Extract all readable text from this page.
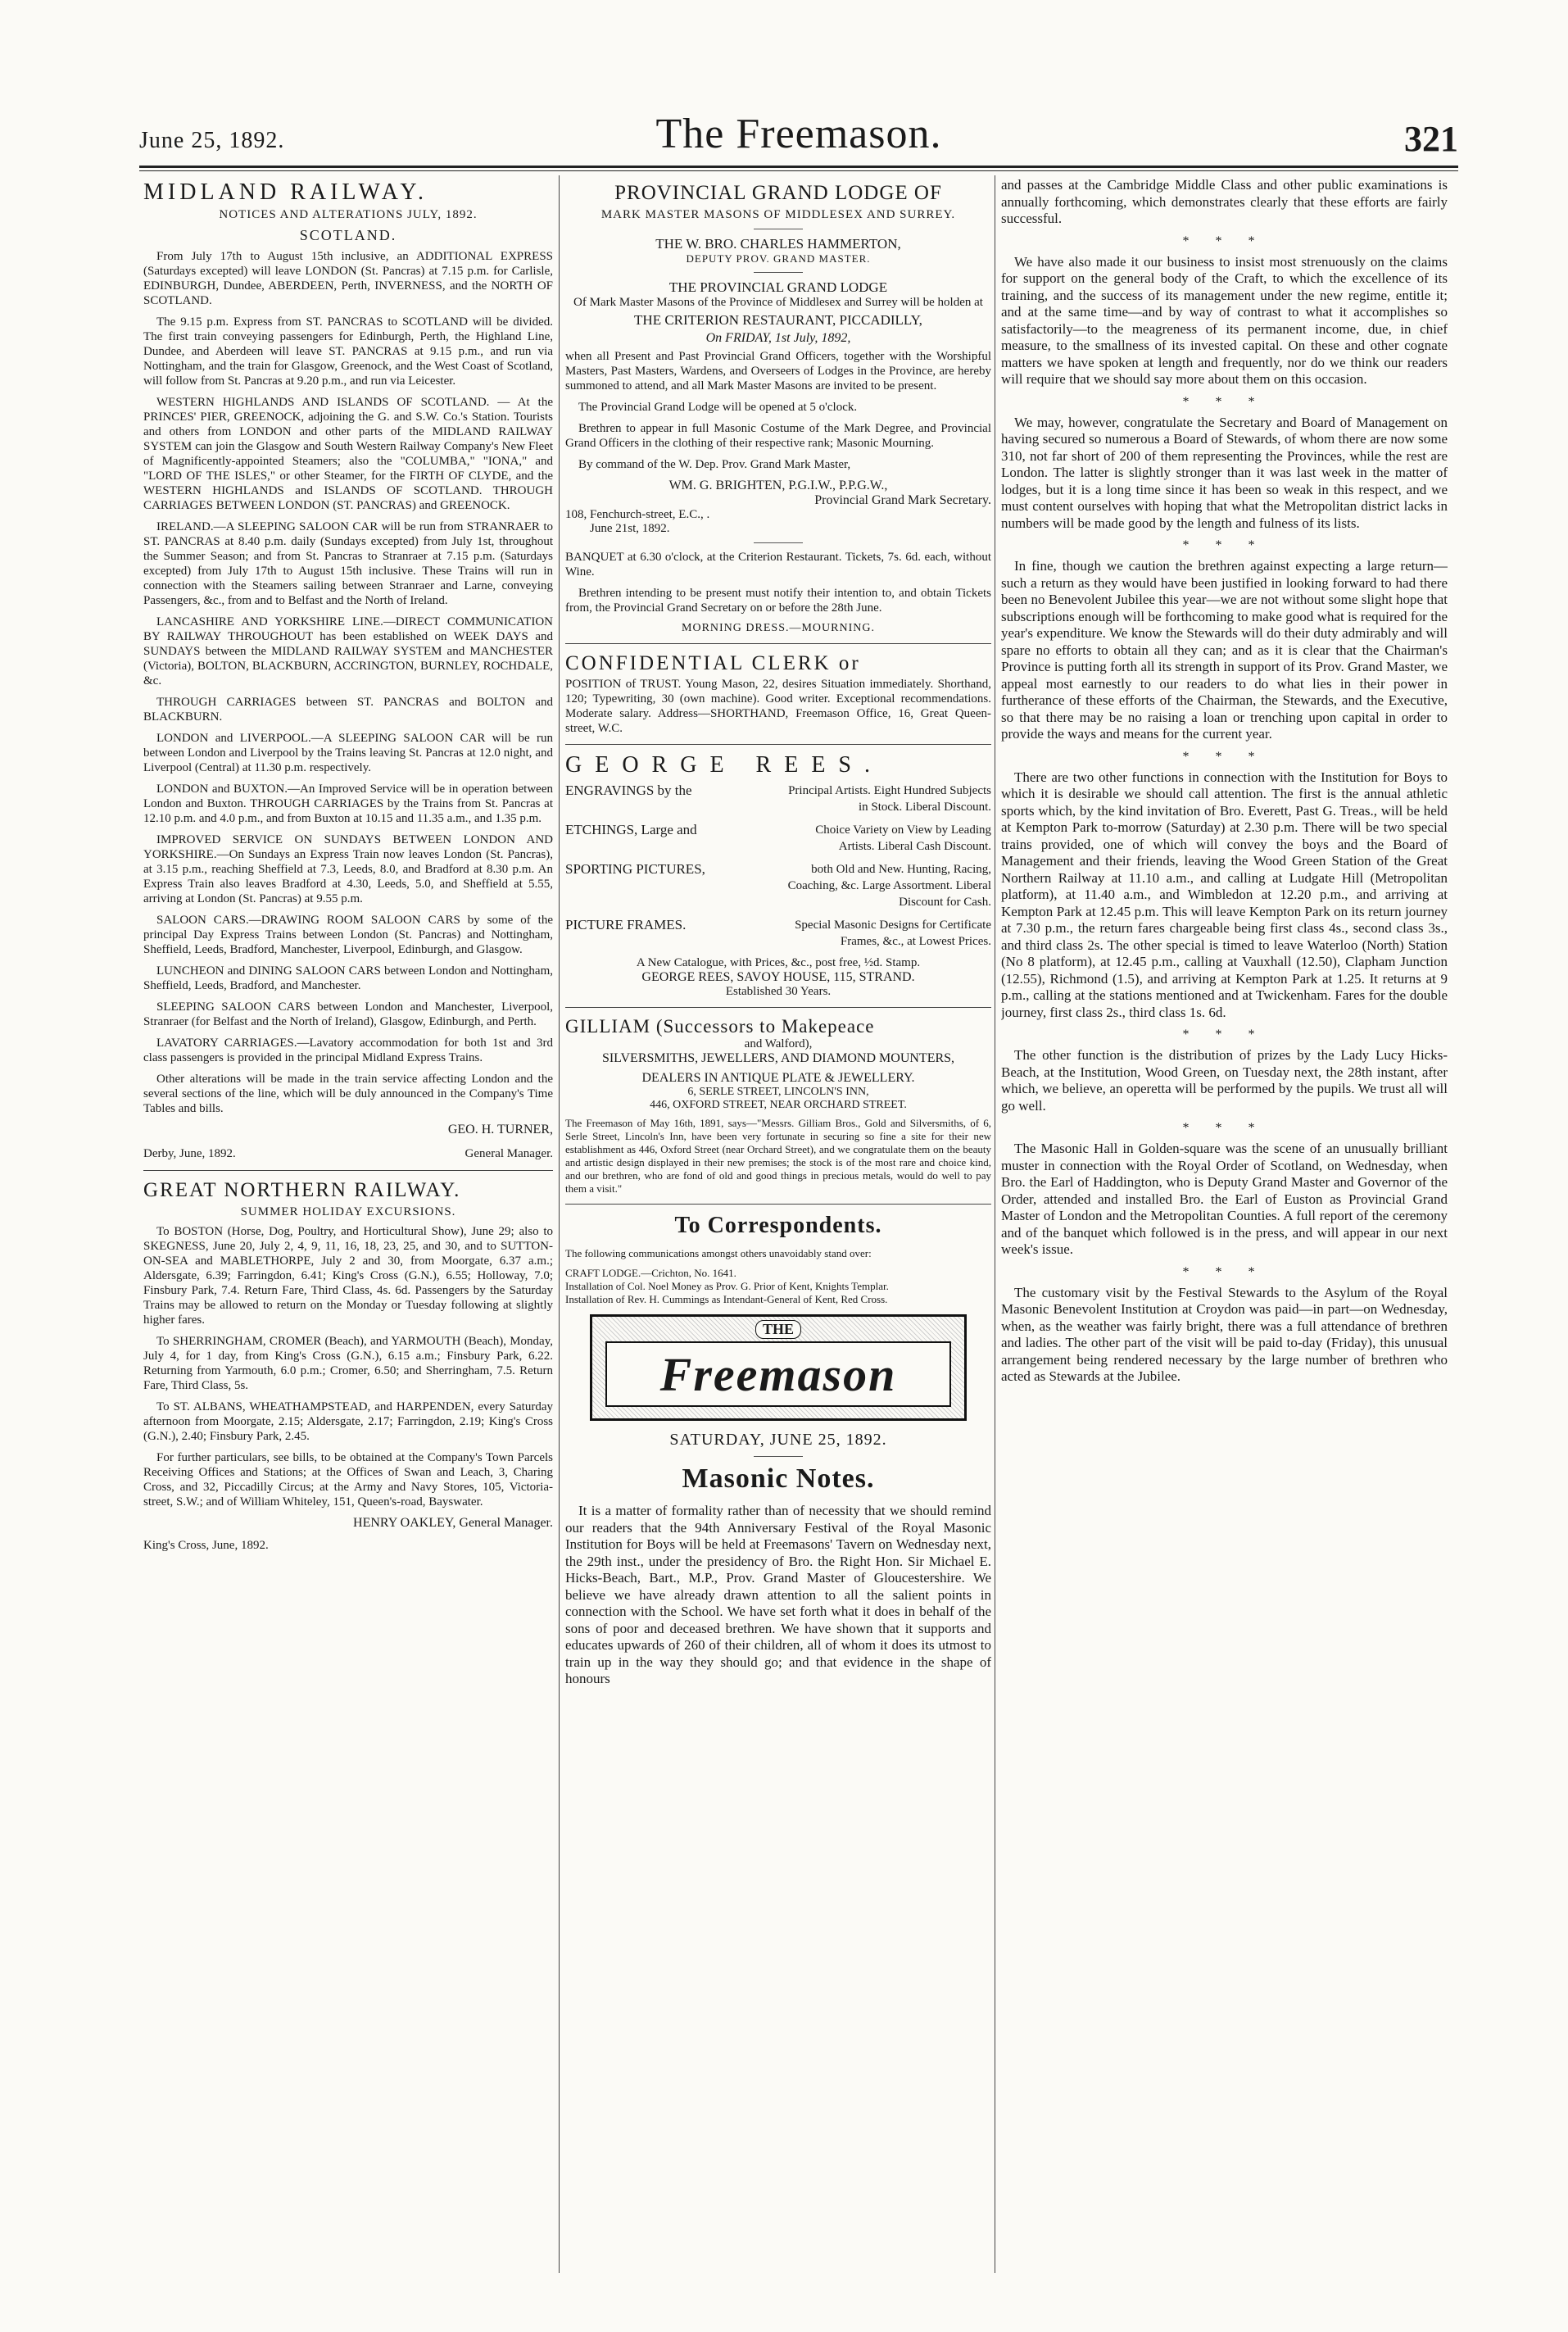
June 25, 1892.	The Freemason.	321
MIDLAND RAILWAY.
NOTICES AND ALTERATIONS JULY, 1892.
SCOTLAND.

From July 17th to August 15th inclusive, an ADDITIONAL EXPRESS (Saturdays excepted) will leave LONDON (St. Pancras) at 7.15 p.m. for Carlisle, EDINBURGH, Dundee, ABERDEEN, Perth, INVERNESS, and the NORTH OF SCOTLAND.

The 9.15 p.m. Express from ST. PANCRAS to SCOTLAND will be divided. The first train conveying passengers for Edinburgh, Perth, the Highland Line, Dundee, and Aberdeen will leave ST. PANCRAS at 9.15 p.m., and run via Nottingham, and the train for Glasgow, Greenock, and the West Coast of Scotland, will follow from St. Pancras at 9.20 p.m., and run via Leicester.

WESTERN HIGHLANDS AND ISLANDS OF SCOTLAND. — At the PRINCES' PIER, GREENOCK, adjoining the G. and S.W. Co.'s Station. Tourists and others from LONDON and other parts of the MIDLAND RAILWAY SYSTEM can join the Glasgow and South Western Railway Company's New Fleet of Magnificently-appointed Steamers; also the "COLUMBA," "IONA," and "LORD OF THE ISLES," or other Steamer, for the FIRTH OF CLYDE, and the WESTERN HIGHLANDS and ISLANDS OF SCOTLAND. THROUGH CARRIAGES BETWEEN LONDON (ST. PANCRAS) and GREENOCK.

IRELAND.—A SLEEPING SALOON CAR will be run from STRANRAER to ST. PANCRAS at 8.40 p.m. daily (Sundays excepted) from July 1st, throughout the Summer Season; and from St. Pancras to Stranraer at 7.15 p.m. (Saturdays excepted) from July 17th to August 15th inclusive. These Trains will run in connection with the Steamers sailing between Stranraer and Larne, conveying Passengers, &c., from and to Belfast and the North of Ireland.

LANCASHIRE AND YORKSHIRE LINE.—DIRECT COMMUNICATION BY RAILWAY THROUGHOUT has been established on WEEK DAYS and SUNDAYS between the MIDLAND RAILWAY SYSTEM and MANCHESTER (Victoria), BOLTON, BLACKBURN, ACCRINGTON, BURNLEY, ROCHDALE, &c.

THROUGH CARRIAGES between ST. PANCRAS and BOLTON and BLACKBURN.

LONDON and LIVERPOOL.—A SLEEPING SALOON CAR will be run between London and Liverpool by the Trains leaving St. Pancras at 12.0 night, and Liverpool (Central) at 11.30 p.m. respectively.

LONDON and BUXTON.—An Improved Service will be in operation between London and Buxton. THROUGH CARRIAGES by the Trains from St. Pancras at 12.10 p.m. and 4.0 p.m., and from Buxton at 10.15 and 11.35 a.m., and 1.35 p.m.

IMPROVED SERVICE ON SUNDAYS BETWEEN LONDON AND YORKSHIRE.—On Sundays an Express Train now leaves London (St. Pancras), at 3.15 p.m., reaching Sheffield at 7.3, Leeds, 8.0, and Bradford at 8.30 p.m. An Express Train also leaves Bradford at 4.30, Leeds, 5.0, and Sheffield at 5.55, arriving at London (St. Pancras) at 9.55 p.m.

SALOON CARS.—DRAWING ROOM SALOON CARS by some of the principal Day Express Trains between London (St. Pancras) and Nottingham, Sheffield, Leeds, Bradford, Manchester, Liverpool, Edinburgh, and Glasgow.

LUNCHEON and DINING SALOON CARS between London and Nottingham, Sheffield, Leeds, Bradford, and Manchester.

SLEEPING SALOON CARS between London and Manchester, Liverpool, Stranraer (for Belfast and the North of Ireland), Glasgow, Edinburgh, and Perth.

LAVATORY CARRIAGES.—Lavatory accommodation for both 1st and 3rd class passengers is provided in the principal Midland Express Trains.

Other alterations will be made in the train service affecting London and the several sections of the line, which will be duly announced in the Company's Time Tables and bills.

GEO. H. TURNER,
Derby, June, 1892.	General Manager.
GREAT NORTHERN RAILWAY.
SUMMER HOLIDAY EXCURSIONS.

To BOSTON (Horse, Dog, Poultry, and Horticultural Show), June 29; also to SKEGNESS, June 20, July 2, 4, 9, 11, 16, 18, 23, 25, and 30, and to SUTTON-ON-SEA and MABLETHORPE, July 2 and 30, from Moorgate, 6.37 a.m.; Aldersgate, 6.39; Farringdon, 6.41; King's Cross (G.N.), 6.55; Holloway, 7.0; Finsbury Park, 7.4. Return Fare, Third Class, 4s. 6d. Passengers by the Saturday Trains may be allowed to return on the Monday or Tuesday following at slightly higher fares.

To SHERRINGHAM, CROMER (Beach), and YARMOUTH (Beach), Monday, July 4, for 1 day, from King's Cross (G.N.), 6.15 a.m.; Finsbury Park, 6.22. Returning from Yarmouth, 6.0 p.m.; Cromer, 6.50; and Sherringham, 7.5. Return Fare, Third Class, 5s.

To ST. ALBANS, WHEATHAMPSTEAD, and HARPENDEN, every Saturday afternoon from Moorgate, 2.15; Aldersgate, 2.17; Farringdon, 2.19; King's Cross (G.N.), 2.40; Finsbury Park, 2.45.

For further particulars, see bills, to be obtained at the Company's Town Parcels Receiving Offices and Stations; at the Offices of Swan and Leach, 3, Charing Cross, and 32, Piccadilly Circus; at the Army and Navy Stores, 105, Victoria-street, S.W.; and of William Whiteley, 151, Queen's-road, Bayswater.

HENRY OAKLEY, General Manager.
King's Cross, June, 1892.
PROVINCIAL GRAND LODGE OF
MARK MASTER MASONS OF MIDDLESEX AND SURREY.
THE W. BRO. CHARLES HAMMERTON,
DEPUTY PROV. GRAND MASTER.
THE PROVINCIAL GRAND LODGE
Of Mark Master Masons of the Province of Middlesex and Surrey will be holden at
THE CRITERION RESTAURANT, PICCADILLY,
On FRIDAY, 1st July, 1892,

when all Present and Past Provincial Grand Officers, together with the Worshipful Masters, Past Masters, Wardens, and Overseers of Lodges in the Province, are hereby summoned to attend, and all Mark Master Masons are invited to be present.

The Provincial Grand Lodge will be opened at 5 o'clock.

Brethren to appear in full Masonic Costume of the Mark Degree, and Provincial Grand Officers in the clothing of their respective rank; Masonic Mourning.

By command of the W. Dep. Prov. Grand Mark Master,

WM. G. BRIGHTEN, P.G.I.W., P.P.G.W.,
Provincial Grand Mark Secretary.
108, Fenchurch-street, E.C., .
June 21st, 1892.

BANQUET at 6.30 o'clock, at the Criterion Restaurant. Tickets, 7s. 6d. each, without Wine.

Brethren intending to be present must notify their intention to, and obtain Tickets from, the Provincial Grand Secretary on or before the 28th June.

MORNING DRESS.—MOURNING.
CONFIDENTIAL CLERK or

POSITION of TRUST. Young Mason, 22, desires Situation immediately. Shorthand, 120; Typewriting, 30 (own machine). Good writer. Exceptional recommendations. Moderate salary. Address—SHORTHAND, Freemason Office, 16, Great Queen-street, W.C.

GEORGE REES.
ENGRAVINGS by the	Principal Artists. Eight Hundred Subjects in Stock. Liberal Discount.
ETCHINGS, Large and	Choice Variety on View by Leading Artists. Liberal Cash Discount.
SPORTING PICTURES,	both Old and New. Hunting, Racing, Coaching, &c. Large Assortment. Liberal Discount for Cash.
PICTURE FRAMES.	Special Masonic Designs for Certificate Frames, &c., at Lowest Prices.
A New Catalogue, with Prices, &c., post free, ½d. Stamp.
GEORGE REES, SAVOY HOUSE, 115, STRAND.
Established 30 Years.
GILLIAM (Successors to Makepeace
and Walford),
SILVERSMITHS, JEWELLERS, AND DIAMOND MOUNTERS,
DEALERS IN ANTIQUE PLATE & JEWELLERY.
6, SERLE STREET, LINCOLN'S INN,
446, OXFORD STREET, NEAR ORCHARD STREET.

The Freemason of May 16th, 1891, says—"Messrs. Gilliam Bros., Gold and Silversmiths, of 6, Serle Street, Lincoln's Inn, have been very fortunate in securing so fine a site for their new establishment as 446, Oxford Street (near Orchard Street), and we congratulate them on the beauty and artistic design displayed in their new premises; the stock is of the most rare and choice kind, and our brethren, who are fond of old and good things in precious metals, would do well to pay them a visit."

To Correspondents.

The following communications amongst others unavoidably stand over:

CRAFT LODGE.—Crichton, No. 1641.

Installation of Col. Noel Money as Prov. G. Prior of Kent, Knights Templar.

Installation of Rev. H. Cummings as Intendant-General of Kent, Red Cross.

THE
Freemason
SATURDAY, JUNE 25, 1892.
Masonic Notes.

It is a matter of formality rather than of necessity that we should remind our readers that the 94th Anniversary Festival of the Royal Masonic Institution for Boys will be held at Freemasons' Tavern on Wednesday next, the 29th inst., under the presidency of Bro. the Right Hon. Sir Michael E. Hicks-Beach, Bart., M.P., Prov. Grand Master of Gloucestershire. We believe we have already drawn attention to all the salient points in connection with the School. We have set forth what it does in behalf of the sons of poor and deceased brethren. We have shown that it supports and educates upwards of 260 of their children, all of whom it does its utmost to train up in the way they should go; and that evidence in the shape of honours

and passes at the Cambridge Middle Class and other public examinations is annually forthcoming, which demonstrates clearly that these efforts are fairly successful.

* * *

We have also made it our business to insist most strenuously on the claims for support on the general body of the Craft, to which the excellence of its training, and the success of its management under the new regime, entitle it; and at the same time—and by way of contrast to what it accomplishes so satisfactorily—to the meagreness of its permanent income, due, in chief measure, to the smallness of its invested capital. On these and other cognate matters we have spoken at length and frequently, nor do we think our readers will require that we should say more about them on this occasion.

* * *

We may, however, congratulate the Secretary and Board of Management on having secured so numerous a Board of Stewards, of whom there are now some 310, not far short of 200 of them representing the Provinces, while the rest are London. The latter is slightly stronger than it was last week in the matter of lodges, but it is a long time since it has been so weak in this respect, and we must content ourselves with hoping that what the Metropolitan district lacks in numbers will be made good by the length and fulness of its lists.

* * *

In fine, though we caution the brethren against expecting a large return—such a return as they would have been justified in looking forward to had there been no Benevolent Jubilee this year—we are not without some slight hope that subscriptions enough will be forthcoming to make good what is required for the year's expenditure. We know the Stewards will do their duty admirably and will spare no efforts to obtain all they can; and as it is clear that the Chairman's Province is putting forth all its strength in support of its Prov. Grand Master, we appeal most earnestly to our readers to do what lies in their power in furtherance of these efforts of the Chairman, the Stewards, and the Executive, so that there may be no raising a loan or trenching upon capital in order to provide the ways and means for the current year.

* * *

There are two other functions in connection with the Institution for Boys to which it is desirable we should call attention. The first is the annual athletic sports which, by the kind invitation of Bro. Everett, Past G. Treas., will be held at Kempton Park to-morrow (Saturday) at 2.30 p.m. There will be two special trains provided, one of which will convey the boys and the Board of Management and their friends, leaving the Wood Green Station of the Great Northern Railway at 11.10 a.m., and calling at Ludgate Hill (Metropolitan platform), at 11.40 a.m., and Wimbledon at 12.20 p.m., and arriving at Kempton Park at 12.45 p.m. This will leave Kempton Park on its return journey at 7.30 p.m., the return fares chargeable being first class 4s., second class 3s., and third class 2s. The other special is timed to leave Waterloo (North) Station (No 8 platform), at 12.45 p.m., calling at Vauxhall (12.50), Clapham Junction (12.55), Richmond (1.5), and arriving at Kempton Park at 1.25. It returns at 9 p.m., calling at the stations mentioned and at Twickenham. Fares for the double journey, first class 2s., third class 1s. 6d.

* * *

The other function is the distribution of prizes by the Lady Lucy Hicks-Beach, at the Institution, Wood Green, on Tuesday next, the 28th instant, after which, we believe, an operetta will be performed by the pupils. We trust all will go well.

* * *

The Masonic Hall in Golden-square was the scene of an unusually brilliant muster in connection with the Royal Order of Scotland, on Wednesday, when Bro. the Earl of Haddington, who is Deputy Grand Master and Governor of the Order, attended and installed Bro. the Earl of Euston as Provincial Grand Master of London and the Metropolitan Counties. A full report of the ceremony and of the banquet which followed is in the press, and will appear in our next week's issue.

* * *

The customary visit by the Festival Stewards to the Asylum of the Royal Masonic Benevolent Institution at Croydon was paid—in part—on Wednesday, when, as the weather was fairly bright, there was a full attendance of brethren and ladies. The other part of the visit will be paid to-day (Friday), this unusual arrangement being rendered necessary by the large number of brethren who acted as Stewards at the Jubilee.
